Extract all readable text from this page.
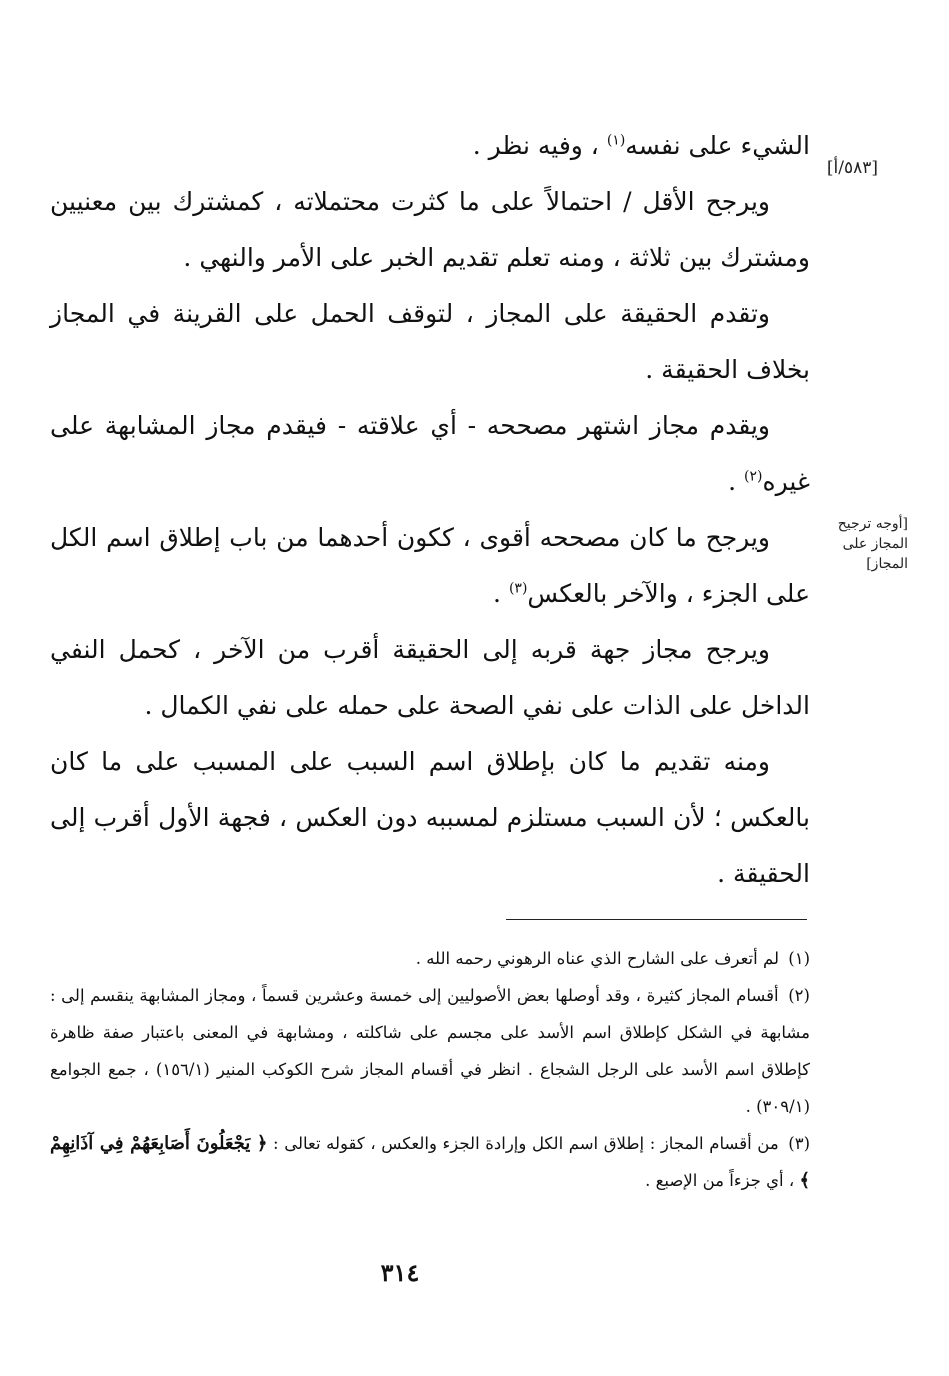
[٥٨٣/أ]
[أوجه ترجيح المجاز على المجاز]

الشيء على نفسه$^{(١)}$ ، وفيه نظر .

ويرجح الأقل / احتمالاً على ما كثرت محتملاته ، كمشترك بين معنيين ومشترك بين ثلاثة ، ومنه تعلم تقديم الخبر على الأمر والنهي .

وتقدم الحقيقة على المجاز ، لتوقف الحمل على القرينة في المجاز بخلاف الحقيقة .

ويقدم مجاز اشتهر مصححه - أي علاقته - فيقدم مجاز المشابهة على غيره$^{(٢)}$ .

ويرجح ما كان مصححه أقوى ، ككون أحدهما من باب إطلاق اسم الكل على الجزء ، والآخر بالعكس$^{(٣)}$ .

ويرجح مجاز جهة قربه إلى الحقيقة أقرب من الآخر ، كحمل النفي الداخل على الذات على نفي الصحة على حمله على نفي الكمال .

ومنه تقديم ما كان بإطلاق اسم السبب على المسبب على ما كان بالعكس ؛ لأن السبب مستلزم لمسببه دون العكس ، فجهة الأول أقرب إلى الحقيقة .

(١) لم أتعرف على الشارح الذي عناه الرهوني رحمه الله .

(٢) أقسام المجاز كثيرة ، وقد أوصلها بعض الأصوليين إلى خمسة وعشرين قسماً ، ومجاز المشابهة ينقسم إلى : مشابهة في الشكل كإطلاق اسم الأسد على مجسم على شاكلته ، ومشابهة في المعنى باعتبار صفة ظاهرة كإطلاق اسم الأسد على الرجل الشجاع . انظر في أقسام المجاز شرح الكوكب المنير (١٥٦/١) ، جمع الجوامع (٣٠٩/١) .

(٣) من أقسام المجاز : إطلاق اسم الكل وإرادة الجزء والعكس ، كقوله تعالى : ﴿ يَجْعَلُونَ أَصَابِعَهُمْ فِي آذَانِهِمْ ﴾ ، أي جزءاً من الإصبع .

٣١٤
